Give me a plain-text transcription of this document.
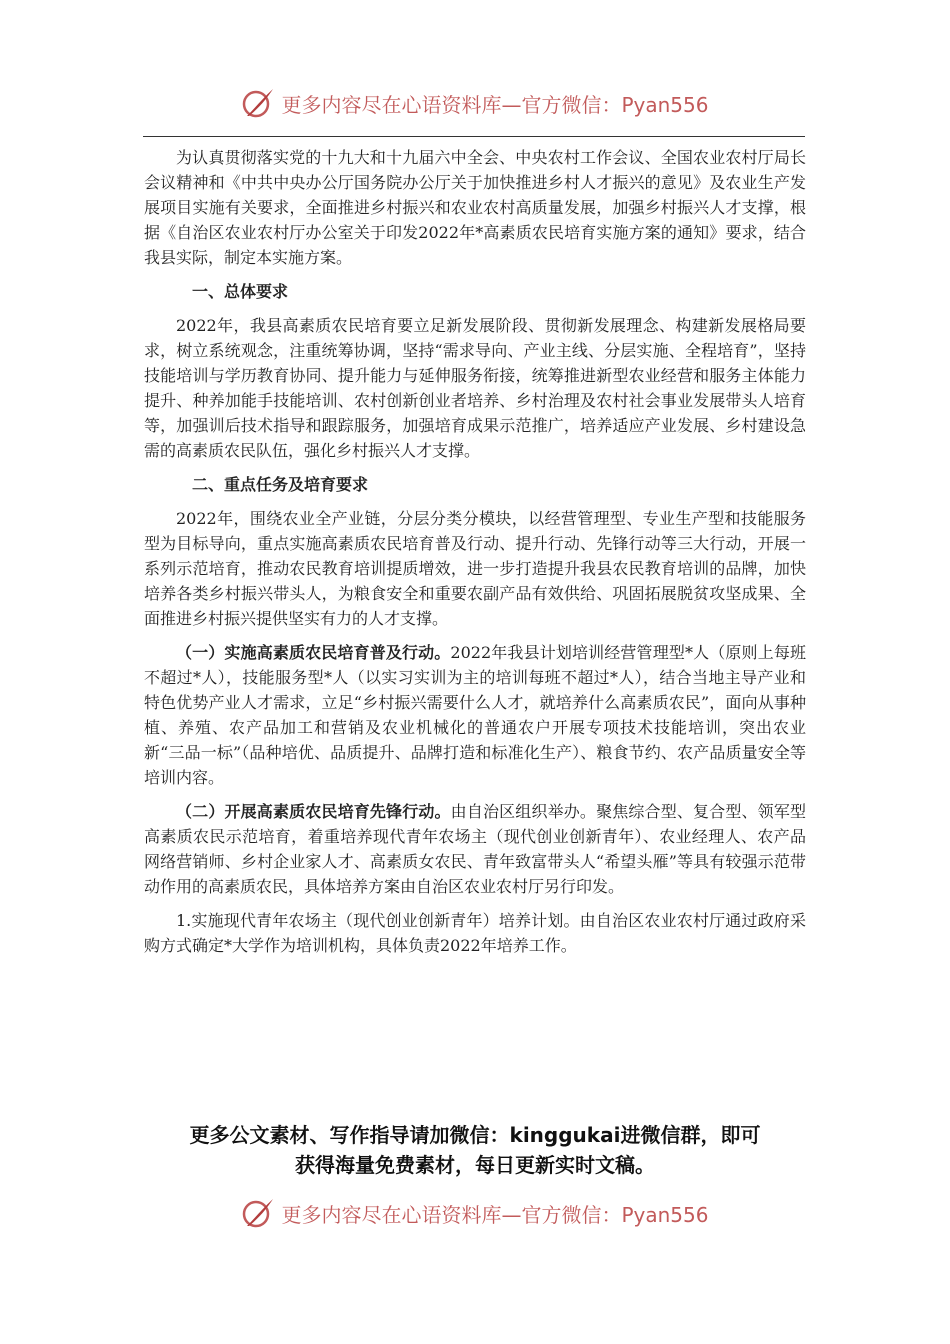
更多内容尽在心语资料库—官方微信：Pyan556

为认真贯彻落实党的十九大和十九届六中全会、中央农村工作会议、全国农业农村厅局长会议精神和《中共中央办公厅国务院办公厅关于加快推进乡村人才振兴的意见》及农业生产发展项目实施有关要求，全面推进乡村振兴和农业农村高质量发展，加强乡村振兴人才支撑，根据《自治区农业农村厅办公室关于印发2022年*高素质农民培育实施方案的通知》要求，结合我县实际，制定本实施方案。

一、总体要求

2022年，我县高素质农民培育要立足新发展阶段、贯彻新发展理念、构建新发展格局要求，树立系统观念，注重统筹协调，坚持“需求导向、产业主线、分层实施、全程培育”，坚持技能培训与学历教育协同、提升能力与延伸服务衔接，统筹推进新型农业经营和服务主体能力提升、种养加能手技能培训、农村创新创业者培养、乡村治理及农村社会事业发展带头人培育等，加强训后技术指导和跟踪服务，加强培育成果示范推广，培养适应产业发展、乡村建设急需的高素质农民队伍，强化乡村振兴人才支撑。

二、重点任务及培育要求

2022年，围绕农业全产业链，分层分类分模块，以经营管理型、专业生产型和技能服务型为目标导向，重点实施高素质农民培育普及行动、提升行动、先锋行动等三大行动，开展一系列示范培育，推动农民教育培训提质增效，进一步打造提升我县农民教育培训的品牌，加快培养各类乡村振兴带头人，为粮食安全和重要农副产品有效供给、巩固拓展脱贫攻坚成果、全面推进乡村振兴提供坚实有力的人才支撑。

（一）实施高素质农民培育普及行动。2022年我县计划培训经营管理型*人（原则上每班不超过*人），技能服务型*人（以实习实训为主的培训每班不超过*人），结合当地主导产业和特色优势产业人才需求，立足“乡村振兴需要什么人才，就培养什么高素质农民”，面向从事种植、养殖、农产品加工和营销及农业机械化的普通农户开展专项技术技能培训，突出农业新“三品一标”（品种培优、品质提升、品牌打造和标准化生产）、粮食节约、农产品质量安全等培训内容。

（二）开展高素质农民培育先锋行动。由自治区组织举办。聚焦综合型、复合型、领军型高素质农民示范培育，着重培养现代青年农场主（现代创业创新青年）、农业经理人、农产品网络营销师、乡村企业家人才、高素质女农民、青年致富带头人“希望头雁”等具有较强示范带动作用的高素质农民，具体培养方案由自治区农业农村厅另行印发。

1.实施现代青年农场主（现代创业创新青年）培养计划。由自治区农业农村厅通过政府采购方式确定*大学作为培训机构，具体负责2022年培养工作。

更多公文素材、写作指导请加微信：kinggukai进微信群，即可
获得海量免费素材，每日更新实时文稿。
更多内容尽在心语资料库—官方微信：Pyan556
